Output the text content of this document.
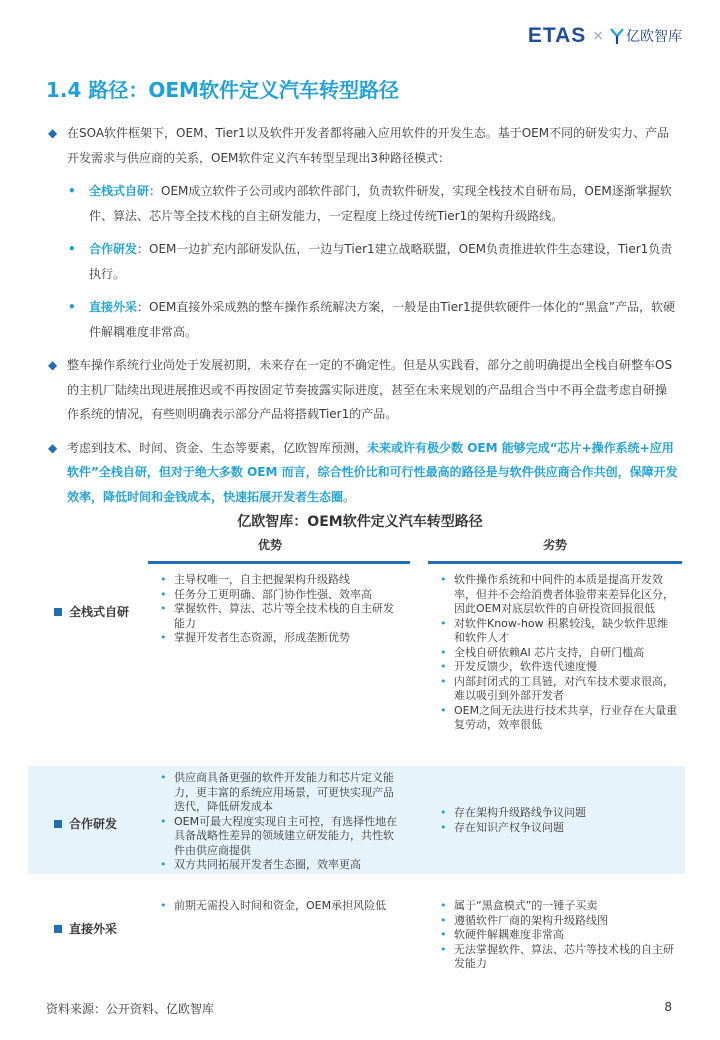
ETAS × 亿欧智库
1.4 路径：OEM软件定义汽车转型路径
◆ 在SOA软件框架下，OEM、Tier1以及软件开发者都将融入应用软件的开发生态。基于OEM不同的研发实力、产品开发需求与供应商的关系，OEM软件定义汽车转型呈现出3种路径模式：
• 全栈式自研：OEM成立软件子公司或内部软件部门，负责软件研发，实现全栈技术自研布局，OEM逐渐掌握软件、算法、芯片等全技术栈的自主研发能力，一定程度上绕过传统Tier1的架构升级路线。
• 合作研发：OEM一边扩充内部研发队伍，一边与Tier1建立战略联盟，OEM负责推进软件生态建设，Tier1负责执行。
• 直接外采：OEM直接外采成熟的整车操作系统解决方案，一般是由Tier1提供软硬件一体化的“黑盒”产品，软硬件解耦难度非常高。
◆ 整车操作系统行业尚处于发展初期，未来存在一定的不确定性。但是从实践看，部分之前明确提出全栈自研整车OS的主机厂陆续出现进展推迟或不再按固定节奏披露实际进度，甚至在未来规划的产品组合当中不再全盘考虑自研操作系统的情况，有些则明确表示部分产品将搭载Tier1的产品。
◆ 考虑到技术、时间、资金、生态等要素，亿欧智库预测，未来或许有极少数 OEM 能够完成“芯片+操作系统+应用软件”全栈自研，但对于绝大多数 OEM 而言，综合性价比和可行性最高的路径是与软件供应商合作共创，保障开发效率，降低时间和金钱成本，快速拓展开发者生态圈。
亿欧智库：OEM软件定义汽车转型路径
优势	劣势
全栈式自研
• 主导权唯一，自主把握架构升级路线
• 任务分工更明确、部门协作性强、效率高
• 掌握软件、算法、芯片等全技术栈的自主研发能力
• 掌握开发者生态资源，形成垄断优势
• 软件操作系统和中间件的本质是提高开发效率，但并不会给消费者体验带来差异化区分，因此OEM对底层软件的自研投资回报很低
• 对软件Know-how 积累较浅，缺少软件思维和软件人才
• 全栈自研依赖AI 芯片支持，自研门槛高
• 开发反馈少，软件迭代速度慢
• 内部封闭式的工具链，对汽车技术要求很高，难以吸引到外部开发者
• OEM之间无法进行技术共享，行业存在大量重复劳动，效率很低
合作研发
• 供应商具备更强的软件开发能力和芯片定义能力，更丰富的系统应用场景，可更快实现产品迭代，降低研发成本
• OEM可最大程度实现自主可控，有选择性地在具备战略性差异的领域建立研发能力，共性软件由供应商提供
• 双方共同拓展开发者生态圈，效率更高
• 存在架构升级路线争议问题
• 存在知识产权争议问题
直接外采
• 前期无需投入时间和资金，OEM承担风险低
•	属于“黑盒模式”的一锤子买卖
• 遵循软件厂商的架构升级路线图
• 软硬件解耦难度非常高
• 无法掌握软件、算法、芯片等技术栈的自主研发能力
资料来源：公开资料、亿欧智库	8
